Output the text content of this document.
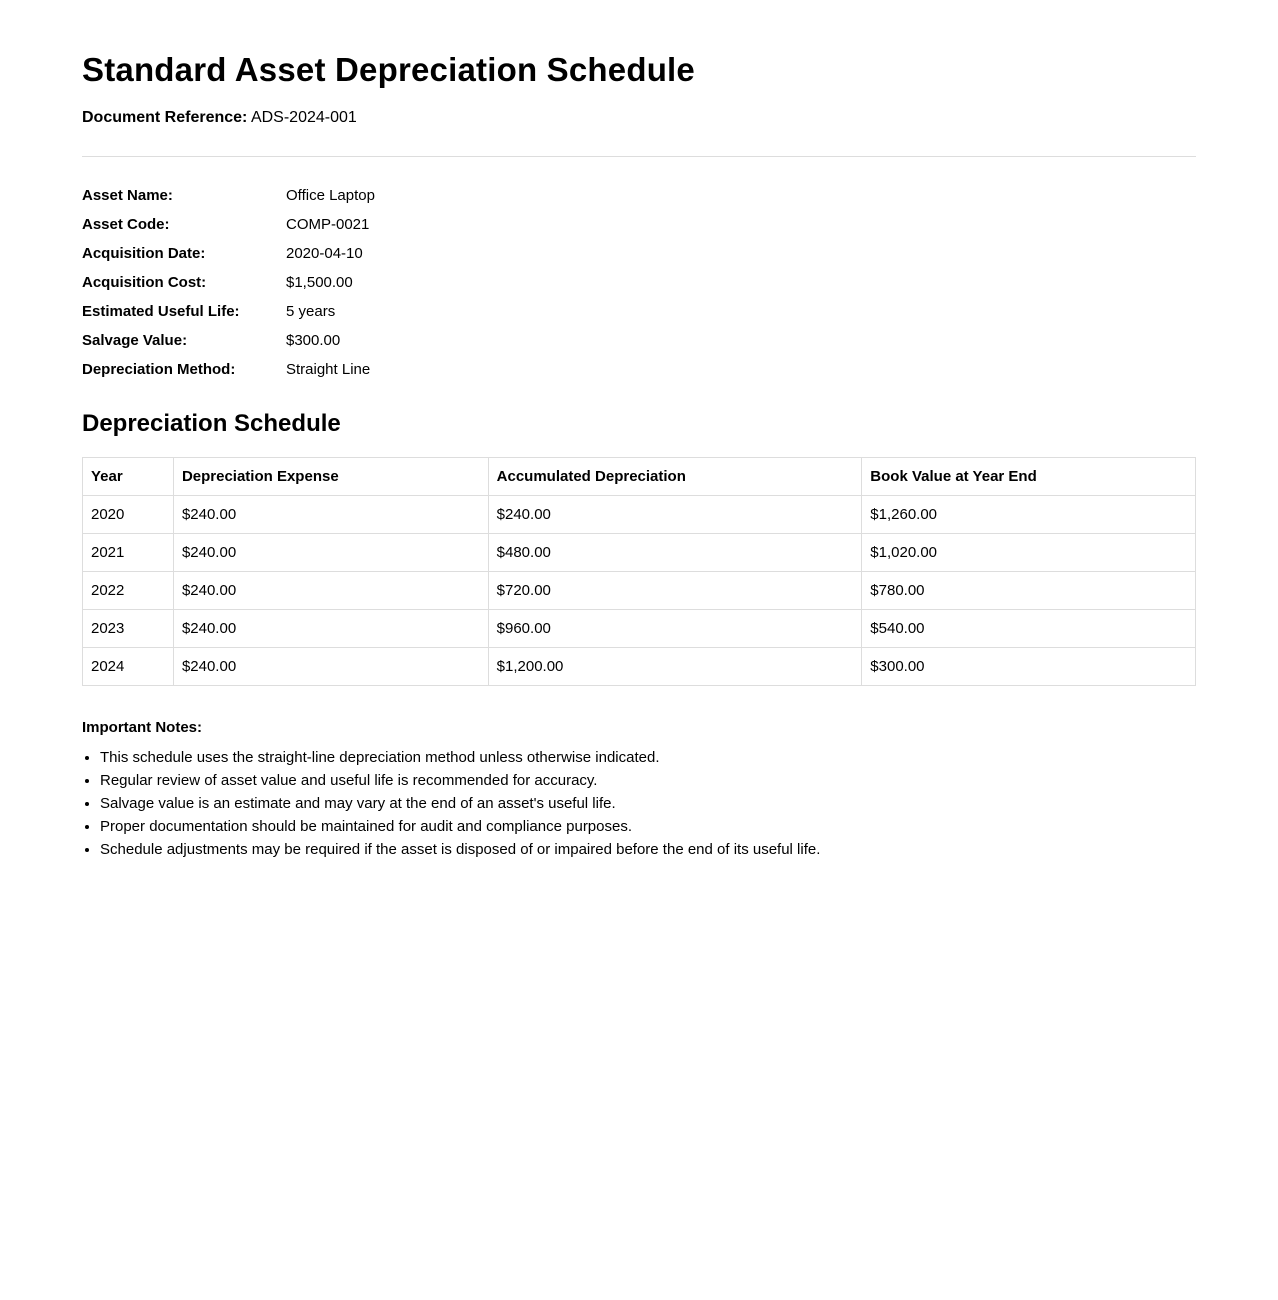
Standard Asset Depreciation Schedule
Document Reference: ADS-2024-001
Asset Name:	Office Laptop
Asset Code:	COMP-0021
Acquisition Date:	2020-04-10
Acquisition Cost:	$1,500.00
Estimated Useful Life:	5 years
Salvage Value:	$300.00
Depreciation Method:	Straight Line
Depreciation Schedule
Year	Depreciation Expense	Accumulated Depreciation	Book Value at Year End
2020	$240.00	$240.00	$1,260.00
2021	$240.00	$480.00	$1,020.00
2022	$240.00	$720.00	$780.00
2023	$240.00	$960.00	$540.00
2024	$240.00	$1,200.00	$300.00
Important Notes:
• This schedule uses the straight-line depreciation method unless otherwise indicated.
• Regular review of asset value and useful life is recommended for accuracy.
• Salvage value is an estimate and may vary at the end of an asset's useful life.
• Proper documentation should be maintained for audit and compliance purposes.
• Schedule adjustments may be required if the asset is disposed of or impaired before the end of its useful life.
